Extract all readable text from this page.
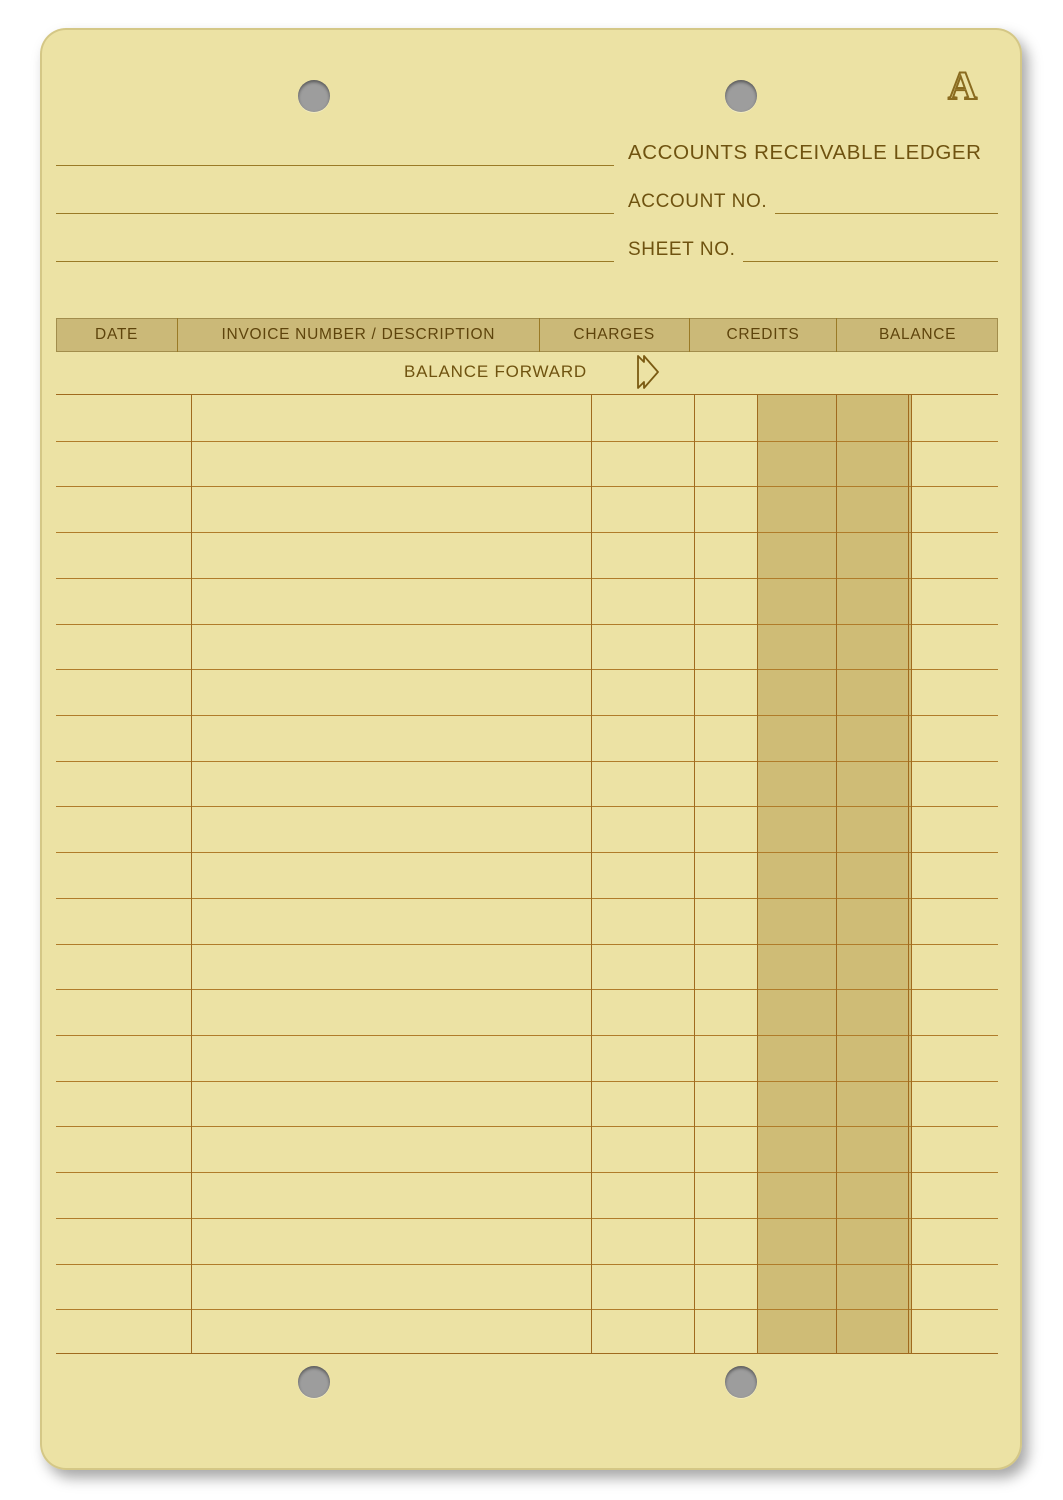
A
ACCOUNTS RECEIVABLE LEDGER
ACCOUNT NO.
SHEET NO.
DATE	INVOICE NUMBER / DESCRIPTION	CHARGES	CREDITS	BALANCE
BALANCE FORWARD
